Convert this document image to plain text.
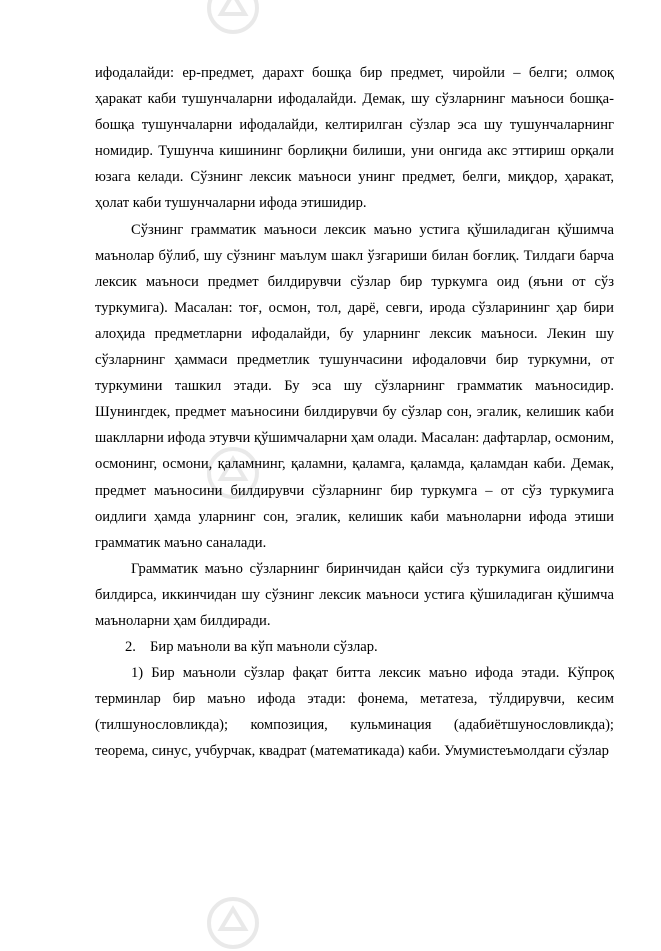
ифодалайди: ер-предмет, дарахт бошқа бир предмет, чиройли – белги; олмоқ ҳаракат каби тушунчаларни ифодалайди. Демак, шу сўзларнинг маъноси бошқа-бошқа тушунчаларни ифодалайди, келтирилган сўзлар эса шу тушунчаларнинг номидир. Тушунча кишининг борлиқни билиши, уни онгида акс эттириш орқали юзага келади. Сўзнинг лексик маъноси унинг предмет, белги, миқдор, ҳаракат, ҳолат каби тушунчаларни ифода этишидир.

Сўзнинг грамматик маъноси лексик маъно устига қўшиладиган қўшимча маънолар бўлиб, шу сўзнинг маълум шакл ўзгариши билан боғлиқ. Тилдаги барча лексик маъноси предмет билдирувчи сўзлар бир туркумга оид (яъни от сўз туркумига). Масалан: тоғ, осмон, тол, дарё, севги, ирода сўзларининг ҳар бири алоҳида предметларни ифодалайди, бу уларнинг лексик маъноси. Лекин шу сўзларнинг ҳаммаси предметлик тушунчасини ифодаловчи бир туркумни, от туркумини ташкил этади. Бу эса шу сўзларнинг грамматик маъносидир. Шунингдек, предмет маъносини билдирувчи бу сўзлар сон, эгалик, келишик каби шаклларни ифода этувчи қўшимчаларни ҳам олади. Масалан: дафтарлар, осмоним, осмонинг, осмони, қаламнинг, қаламни, қаламга, қаламда, қаламдан каби. Демак, предмет маъносини билдирувчи сўзларнинг бир туркумга – от сўз туркумига оидлиги ҳамда уларнинг сон, эгалик, келишик каби маъноларни ифода этиши грамматик маъно саналади.

Грамматик маъно сўзларнинг биринчидан қайси сўз туркумига оидлигини билдирса, иккинчидан шу сўзнинг лексик маъноси устига қўшиладиган қўшимча маъноларни ҳам билдиради.

2. Бир маъноли ва кўп маъноли сўзлар.

1) Бир маъноли сўзлар фақат битта лексик маъно ифода этади. Кўпроқ терминлар бир маъно ифода этади: фонема, метатеза, тўлдирувчи, кесим (тилшунословликда); композиция, кульминация (адабиётшунословликда); теорема, синус, учбурчак, квадрат (математикада) каби. Умумистеъмолдаги сўзлар
